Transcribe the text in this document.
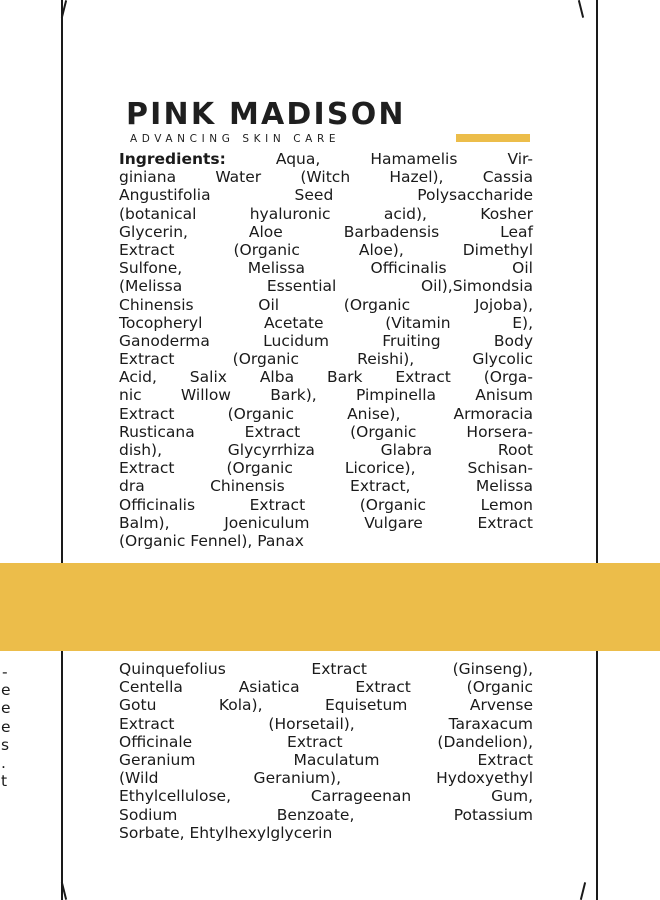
PINK MADISON
ADVANCING SKIN CARE
Ingredients: Aqua, Hamamelis Vir-
giniana Water (Witch Hazel), Cassia
Angustifolia Seed Polysaccharide
(botanical hyaluronic acid), Kosher
Glycerin, Aloe Barbadensis Leaf
Extract (Organic Aloe), Dimethyl
Sulfone, Melissa Officinalis Oil
(Melissa Essential Oil),Simondsia
Chinensis Oil (Organic Jojoba),
Tocopheryl Acetate (Vitamin E),
Ganoderma Lucidum Fruiting Body
Extract (Organic Reishi), Glycolic
Acid, Salix Alba Bark Extract (Orga-
nic Willow Bark), Pimpinella Anisum
Extract (Organic Anise), Armoracia
Rusticana Extract (Organic Horsera-
dish), Glycyrrhiza Glabra Root
Extract (Organic Licorice), Schisan-
dra Chinensis Extract, Melissa
Officinalis Extract (Organic Lemon
Balm), Joeniculum Vulgare Extract
(Organic Fennel), Panax
Quinquefolius Extract (Ginseng),
Centella Asiatica Extract (Organic
Gotu Kola), Equisetum Arvense
Extract (Horsetail), Taraxacum
Officinale Extract (Dandelion),
Geranium Maculatum Extract
(Wild Geranium), Hydoxyethyl
Ethylcellulose, Carrageenan Gum,
Sodium Benzoate, Potassium
Sorbate, Ehtylhexylglycerin
-
e
e
e
s
.
t
